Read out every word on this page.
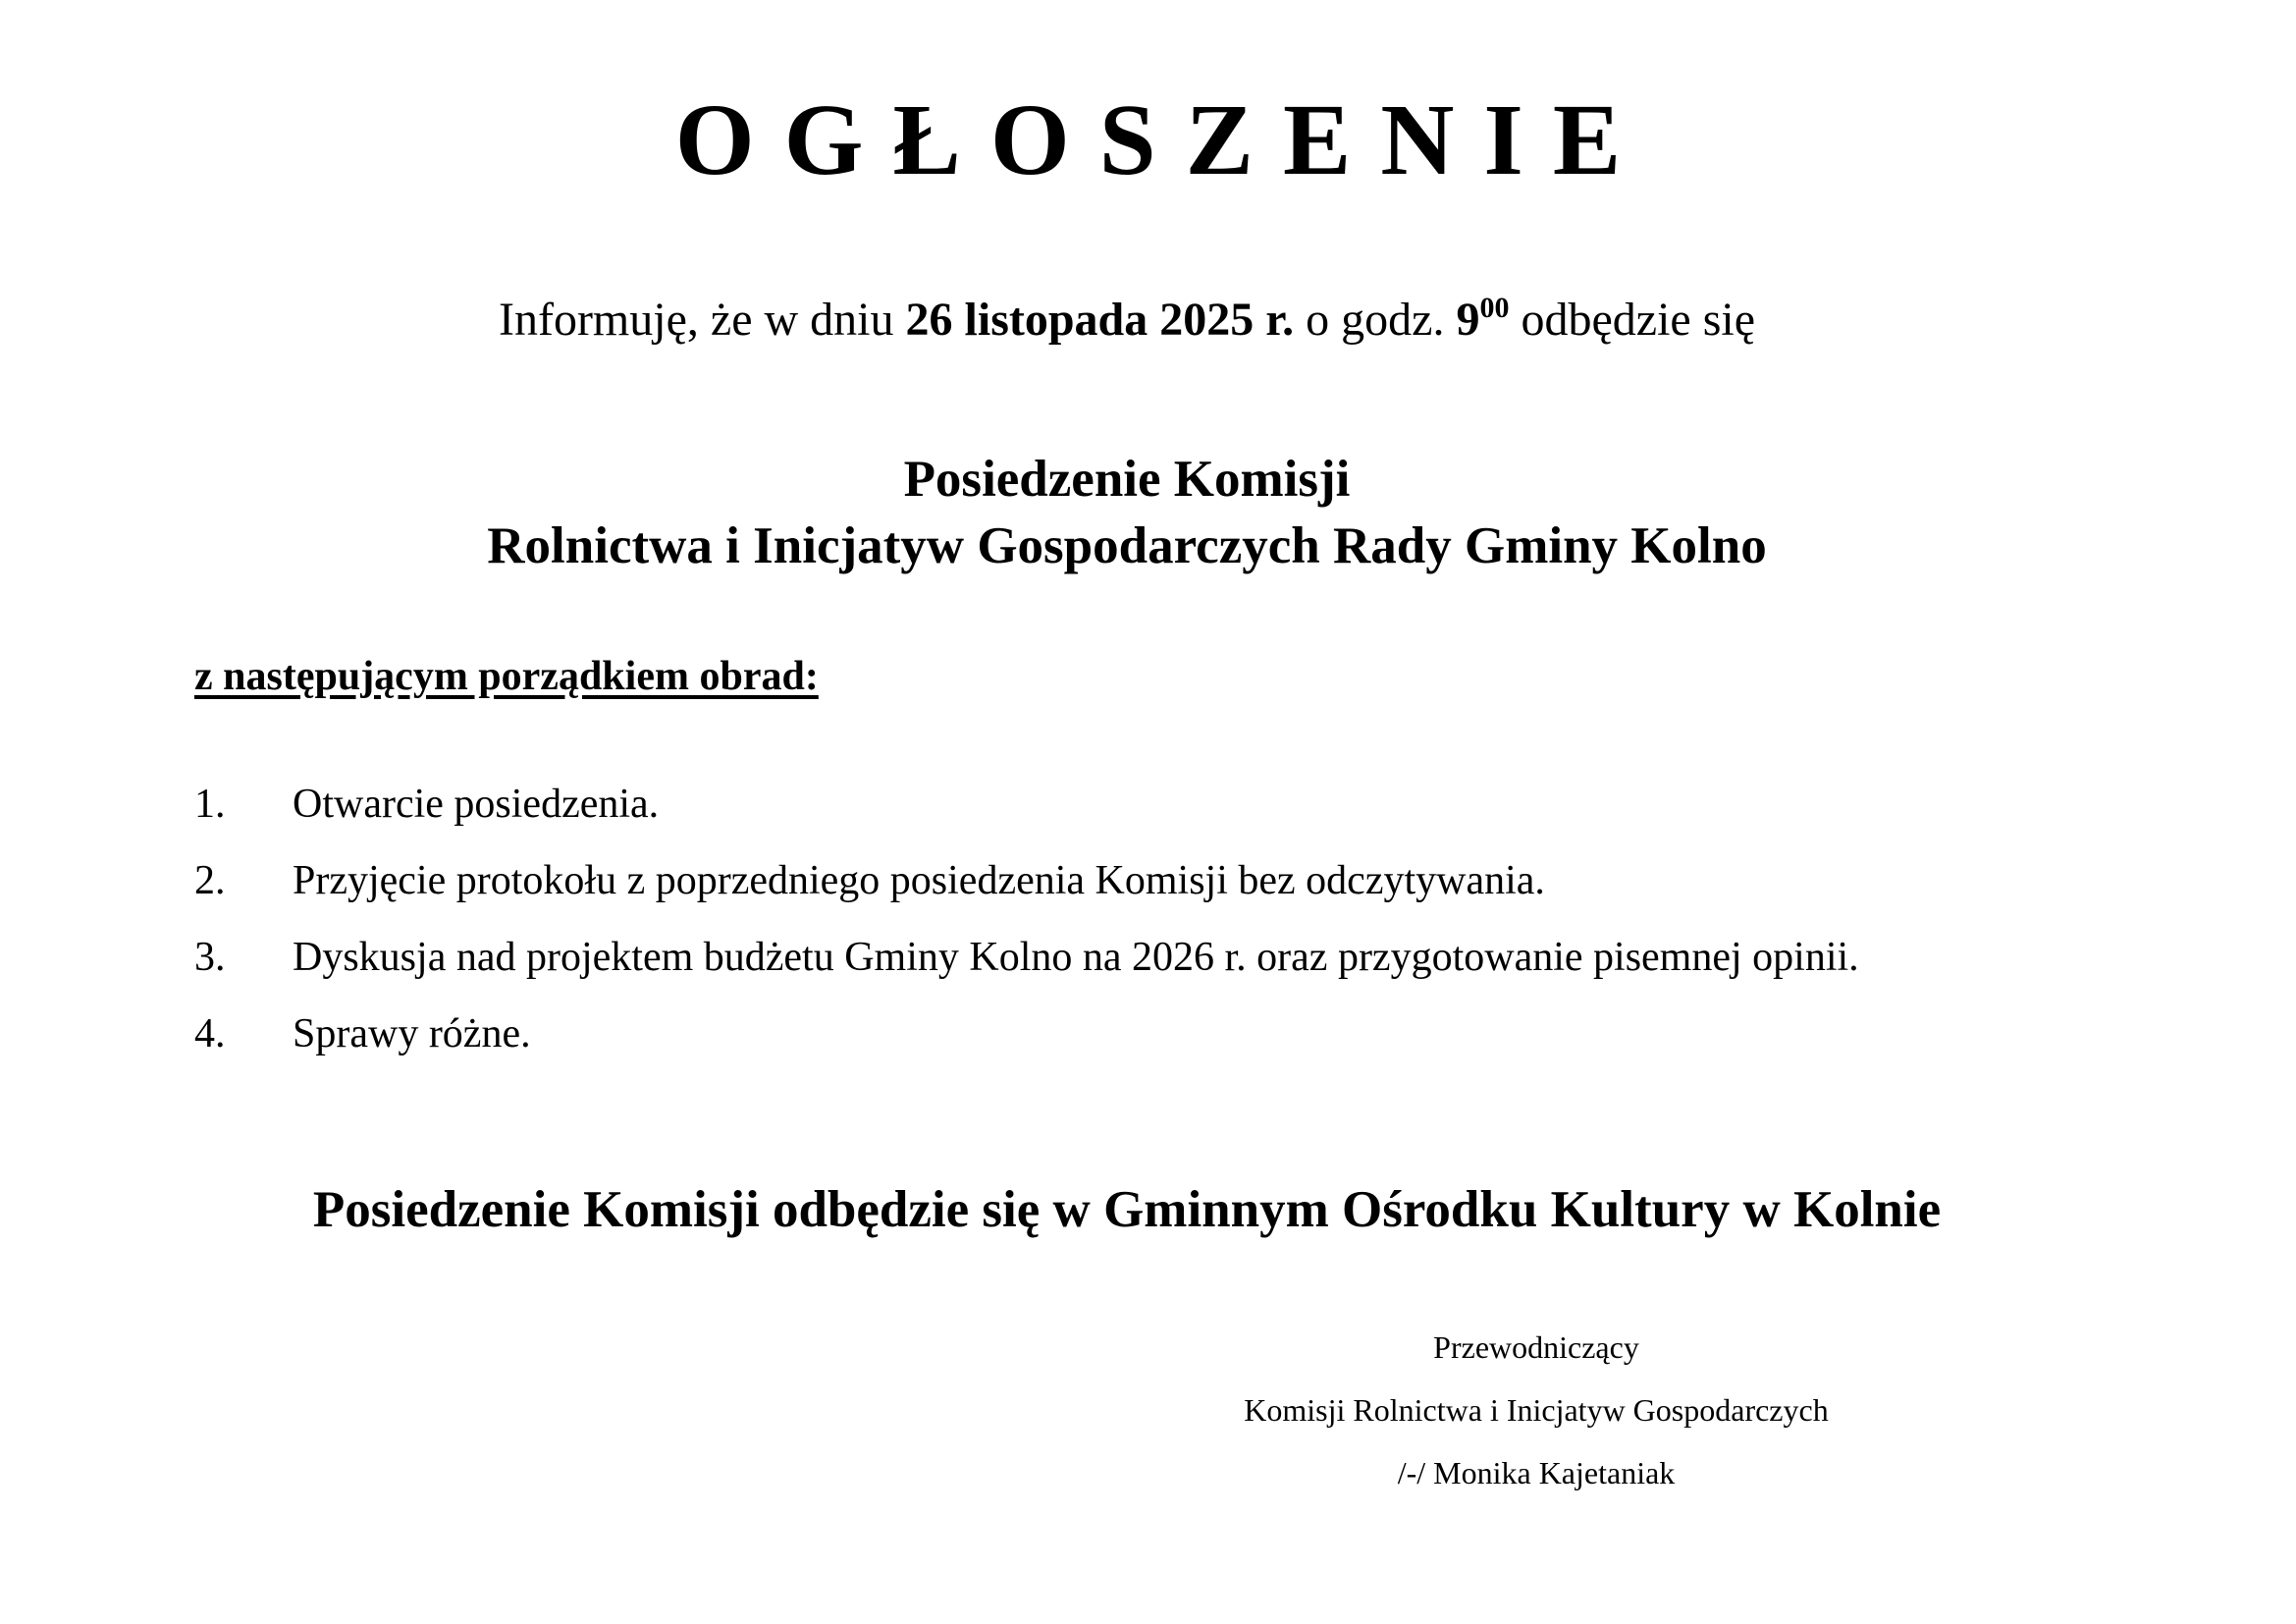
OGŁOSZENIE

Informuję, że w dniu 26 listopada 2025 r. o godz. $9^{00}$ odbędzie się

Posiedzenie Komisji

Rolnictwa i Inicjatyw Gospodarczych Rady Gminy Kolno

z następującym porządkiem obrad:

1.	Otwarcie posiedzenia.
2.	Przyjęcie protokołu z poprzedniego posiedzenia Komisji bez odczytywania.
3.	Dyskusja nad projektem budżetu Gminy Kolno na 2026 r. oraz przygotowanie pisemnej opinii.
4.	Sprawy różne.

Posiedzenie Komisji odbędzie się w Gminnym Ośrodku Kultury w Kolnie

Przewodniczący

Komisji Rolnictwa i Inicjatyw Gospodarczych

/-/ Monika Kajetaniak
